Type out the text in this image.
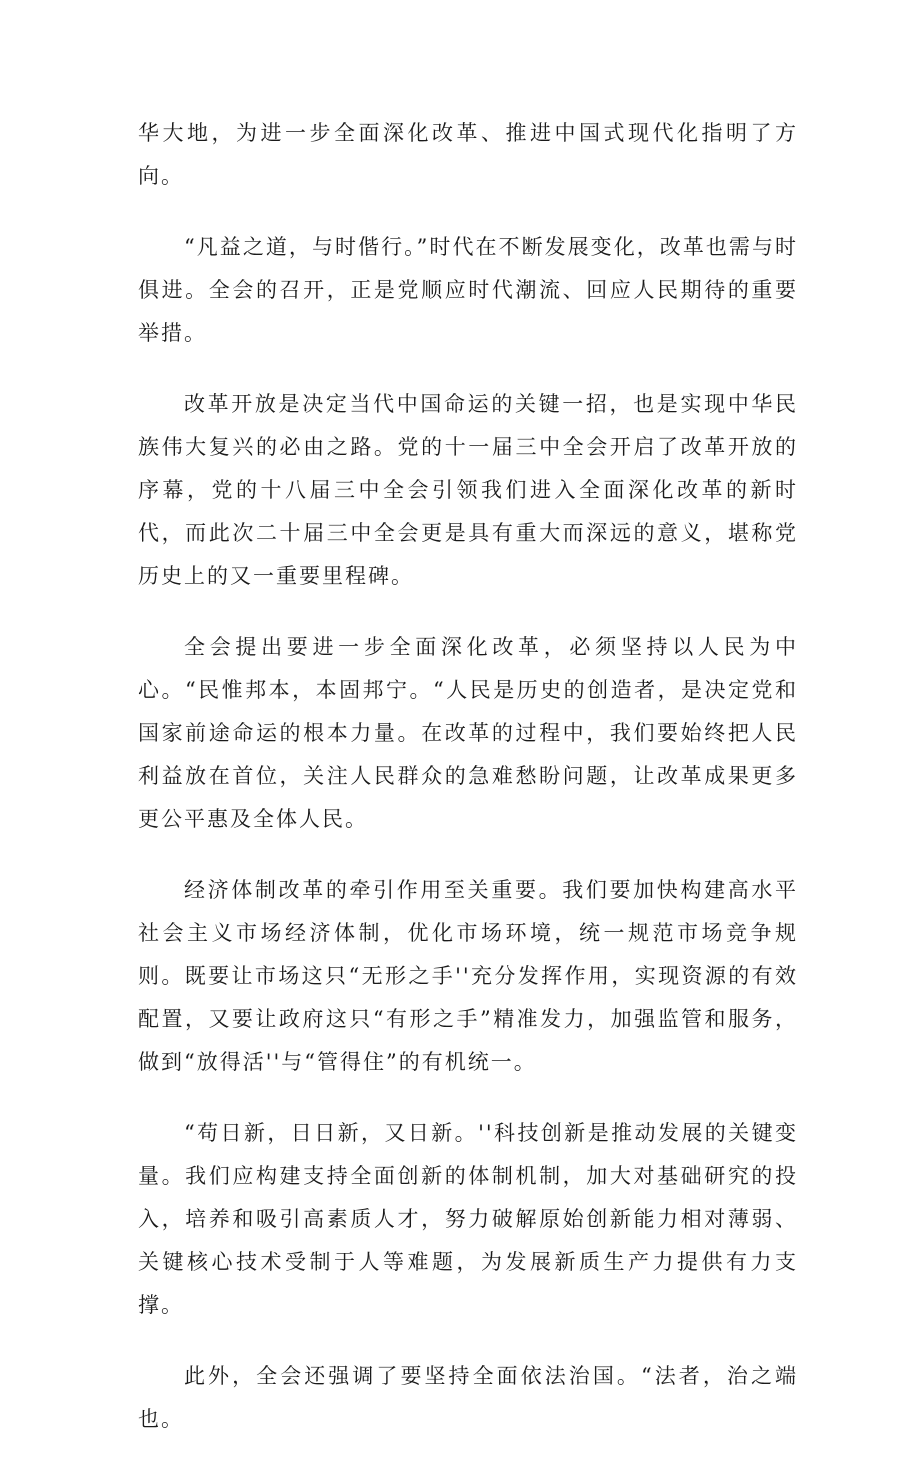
华大地，为进一步全面深化改革、推进中国式现代化指明了方向。

“凡益之道，与时偕行。”时代在不断发展变化，改革也需与时俱进。全会的召开，正是党顺应时代潮流、回应人民期待的重要举措。

改革开放是决定当代中国命运的关键一招，也是实现中华民族伟大复兴的必由之路。党的十一届三中全会开启了改革开放的序幕，党的十八届三中全会引领我们进入全面深化改革的新时代，而此次二十届三中全会更是具有重大而深远的意义，堪称党历史上的又一重要里程碑。

全会提出要进一步全面深化改革，必须坚持以人民为中心。“民惟邦本，本固邦宁。“人民是历史的创造者，是决定党和国家前途命运的根本力量。在改革的过程中，我们要始终把人民利益放在首位，关注人民群众的急难愁盼问题，让改革成果更多更公平惠及全体人民。

经济体制改革的牵引作用至关重要。我们要加快构建高水平社会主义市场经济体制，优化市场环境，统一规范市场竞争规则。既要让市场这只“无形之手''充分发挥作用，实现资源的有效配置，又要让政府这只“有形之手”精准发力，加强监管和服务，做到“放得活''与“管得住”的有机统一。

“苟日新，日日新，又日新。''科技创新是推动发展的关键变量。我们应构建支持全面创新的体制机制，加大对基础研究的投入，培养和吸引高素质人才，努力破解原始创新能力相对薄弱、关键核心技术受制于人等难题，为发展新质生产力提供有力支撑。

此外，全会还强调了要坚持全面依法治国。“法者，治之端也。
